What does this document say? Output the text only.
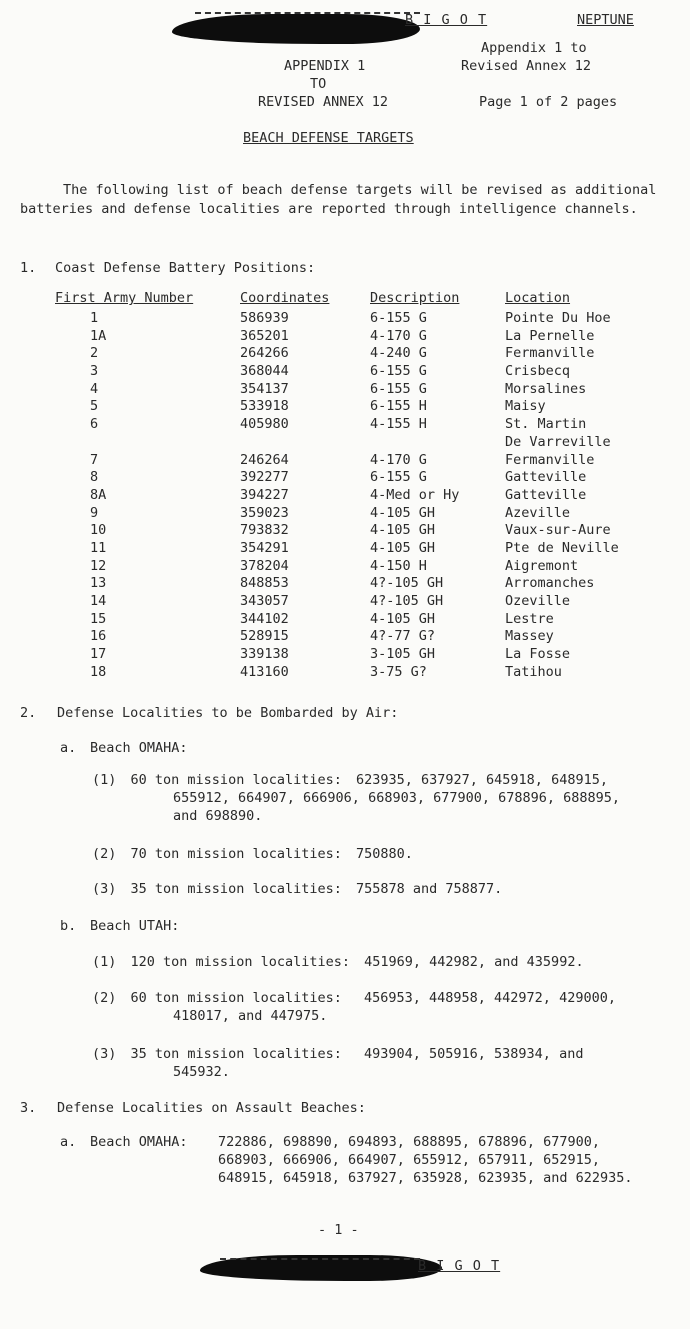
B I G O T	NEPTUNE
Appendix 1 to
Revised Annex 12
APPENDIX 1
TO
REVISED ANNEX 12	Page 1 of 2 pages
BEACH DEFENSE TARGETS
The following list of beach defense targets will be revised as additional batteries and defense localities are reported through intelligence channels.
1. Coast Defense Battery Positions:
First Army Number	Coordinates	Description	Location
1	586939	6-155 G	Pointe Du Hoe
1A	365201	4-170 G	La Pernelle
2	264266	4-240 G	Fermanville
3	368044	6-155 G	Crisbecq
4	354137	6-155 G	Morsalines
5	533918	6-155 H	Maisy
6	405980	4-155 H	St. Martin
			De Varreville
7	246264	4-170 G	Fermanville
8	392277	6-155 G	Gatteville
8A	394227	4-Med or Hy	Gatteville
9	359023	4-105 GH	Azeville
10	793832	4-105 GH	Vaux-sur-Aure
11	354291	4-105 GH	Pte de Neville
12	378204	4-150 H	Aigremont
13	848853	4?-105 GH	Arromanches
14	343057	4?-105 GH	Ozeville
15	344102	4-105 GH	Lestre
16	528915	4?-77 G?	Massey
17	339138	3-105 GH	La Fosse
18	413160	3-75 G?	Tatihou
2. Defense Localities to be Bombarded by Air:
a. Beach OMAHA:
(1) 60 ton mission localities: 623935, 637927, 645918, 648915,
655912, 664907, 666906, 668903, 677900, 678896, 688895,
and 698890.
(2) 70 ton mission localities: 750880.
(3) 35 ton mission localities: 755878 and 758877.
b. Beach UTAH:
(1) 120 ton mission localities: 451969, 442982, and 435992.
(2) 60 ton mission localities: 456953, 448958, 442972, 429000,
418017, and 447975.
(3) 35 ton mission localities: 493904, 505916, 538934, and
545932.
3. Defense Localities on Assault Beaches:
a. Beach OMAHA: 722886, 698890, 694893, 688895, 678896, 677900,
668903, 666906, 664907, 655912, 657911, 652915,
648915, 645918, 637927, 635928, 623935, and 622935.
- 1 -
B I G O T
